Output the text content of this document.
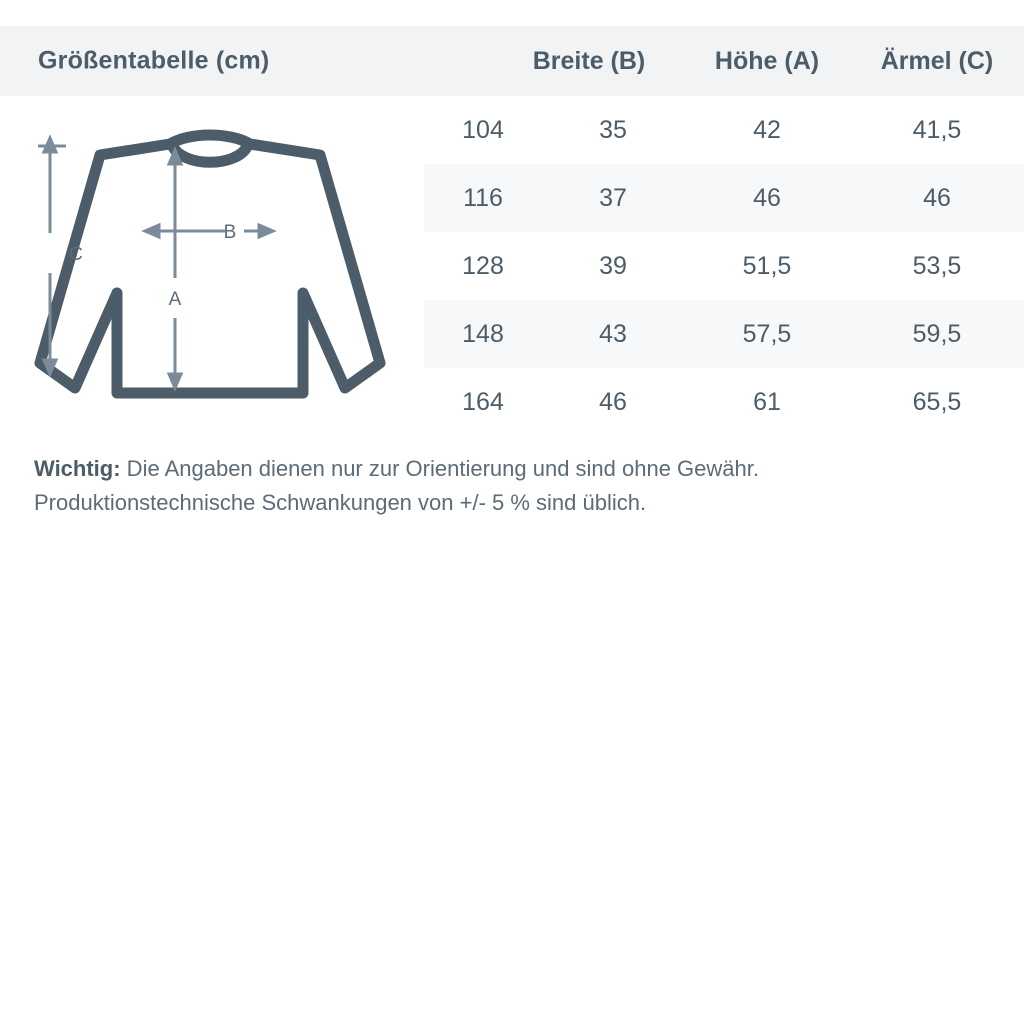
Größentabelle (cm)	Breite (B)	Höhe (A)	Ärmel (C)
C
B
A
104	35	42	41,5
116	37	46	46
128	39	51,5	53,5
148	43	57,5	59,5
164	46	61	65,5
Wichtig: Die Angaben dienen nur zur Orientierung und sind ohne Gewähr.
Produktionstechnische Schwankungen von +/- 5 % sind üblich.
